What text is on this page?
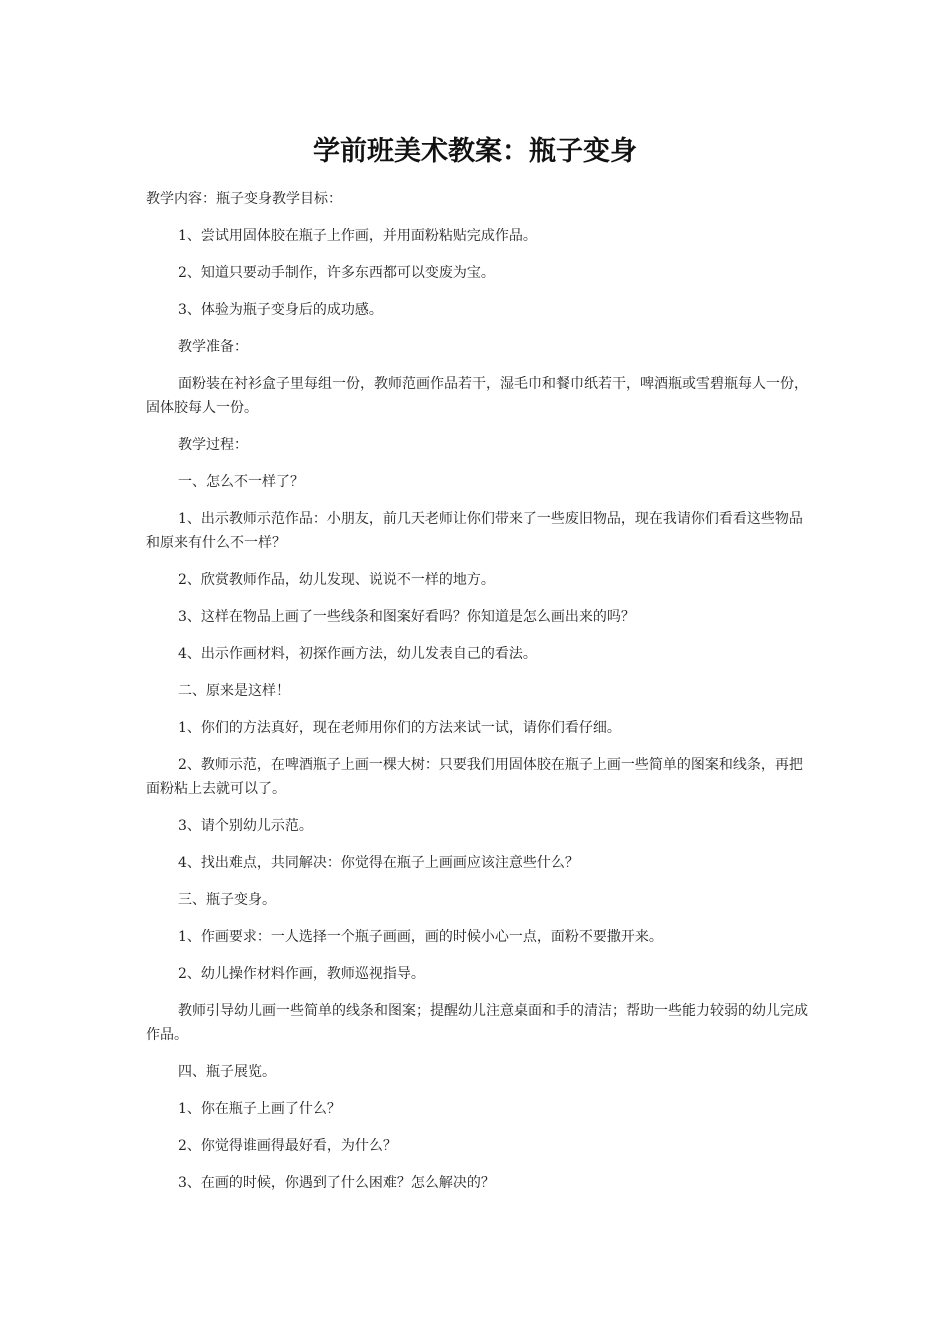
学前班美术教案：瓶子变身

教学内容：瓶子变身教学目标：

1、尝试用固体胶在瓶子上作画，并用面粉粘贴完成作品。

2、知道只要动手制作，许多东西都可以变废为宝。

3、体验为瓶子变身后的成功感。

教学准备：

面粉装在衬衫盒子里每组一份，教师范画作品若干，湿毛巾和餐巾纸若干，啤酒瓶或雪碧瓶每人一份，固体胶每人一份。

教学过程：

一、怎么不一样了？

1、出示教师示范作品：小朋友，前几天老师让你们带来了一些废旧物品，现在我请你们看看这些物品和原来有什么不一样？

2、欣赏教师作品，幼儿发现、说说不一样的地方。

3、这样在物品上画了一些线条和图案好看吗？你知道是怎么画出来的吗？

4、出示作画材料，初探作画方法，幼儿发表自己的看法。

二、原来是这样！

1、你们的方法真好，现在老师用你们的方法来试一试，请你们看仔细。

2、教师示范，在啤酒瓶子上画一棵大树：只要我们用固体胶在瓶子上画一些简单的图案和线条，再把面粉粘上去就可以了。

3、请个别幼儿示范。

4、找出难点，共同解决：你觉得在瓶子上画画应该注意些什么？

三、瓶子变身。

1、作画要求：一人选择一个瓶子画画，画的时候小心一点，面粉不要撒开来。

2、幼儿操作材料作画，教师巡视指导。

教师引导幼儿画一些简单的线条和图案；提醒幼儿注意桌面和手的清洁；帮助一些能力较弱的幼儿完成作品。

四、瓶子展览。

1、你在瓶子上画了什么？

2、你觉得谁画得最好看，为什么？

3、在画的时候，你遇到了什么困难？怎么解决的？
